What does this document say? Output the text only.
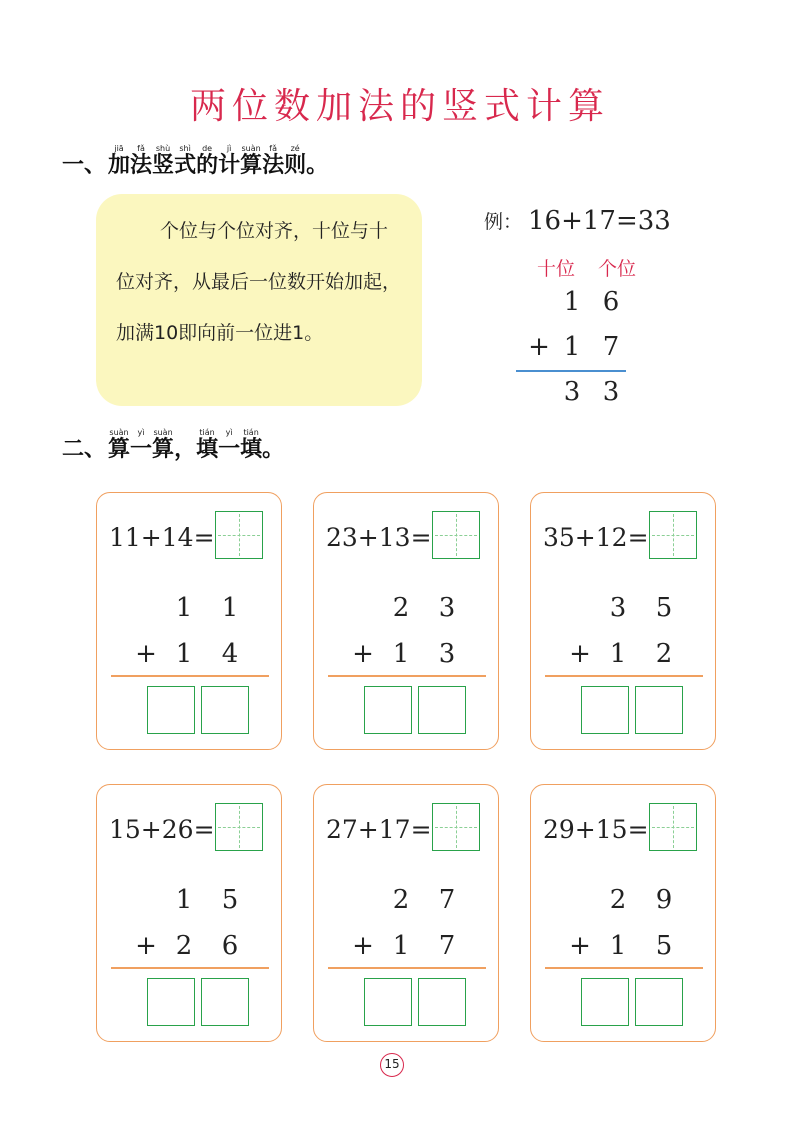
两位数加法的竖式计算
一、加jiā法fǎ竖shù式shì的de计jì算suàn法fǎ则zé。
个位与个位对齐，十位与十位对齐，从最后一位数开始加起，加满10即向前一位进1。
例： 16+17=33
十位 个位
1 6
+ 1 7
3 3
二、算suàn一yì算suàn，填tián一yì填tián。
11+14=
1 1
+ 1 4
23+13=
2 3
+ 1 3
35+12=
3 5
+ 1 2
15+26=
1 5
+ 2 6
27+17=
2 7
+ 1 7
29+15=
2 9
+ 1 5
15
